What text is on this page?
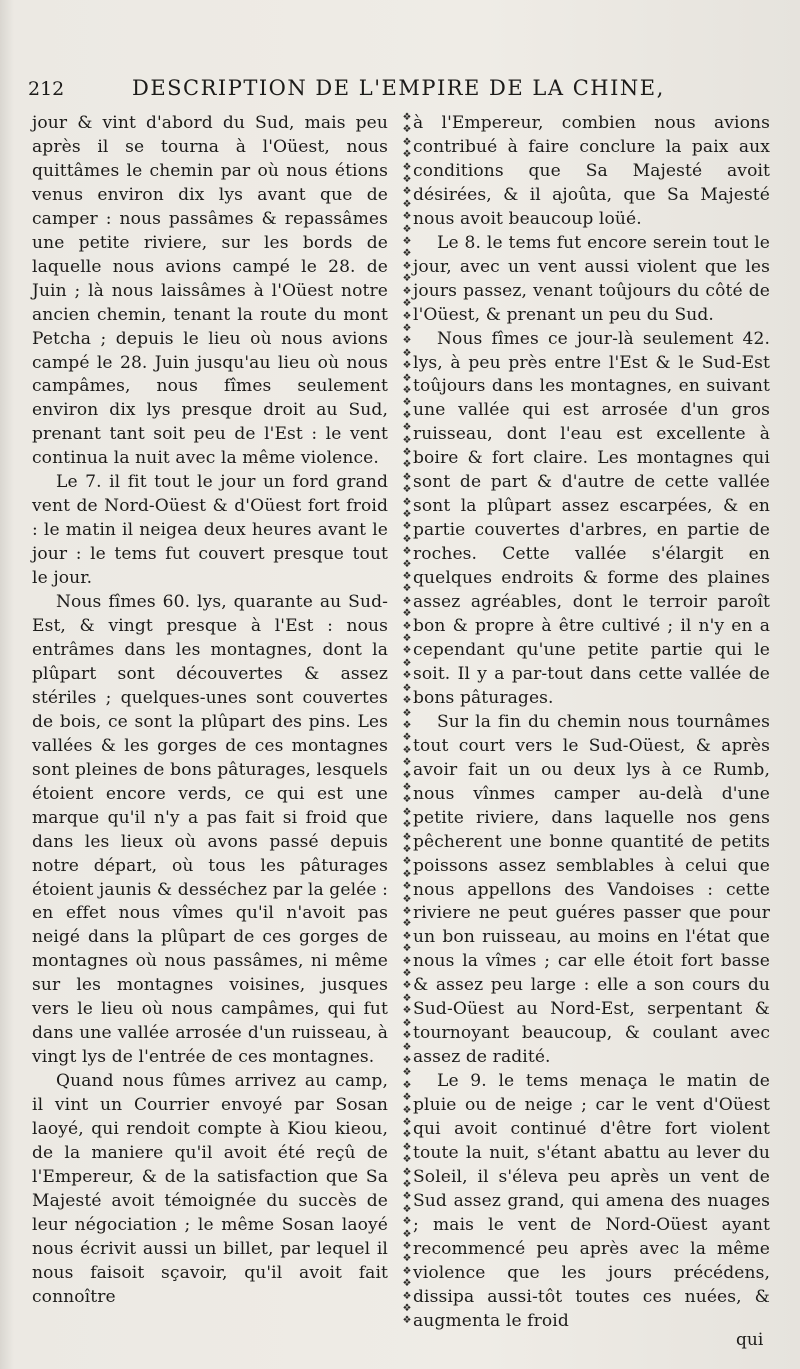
212	DESCRIPTION DE L'EMPIRE DE LA CHINE,

jour & vint d'abord du Sud, mais peu après il se tourna à l'Oüest, nous quittâmes le chemin par où nous étions venus environ dix lys avant que de camper : nous passâmes & repassâmes une petite riviere, sur les bords de laquelle nous avions campé le 28. de Juin ; là nous laissâmes à l'Oüest notre ancien chemin, tenant la route du mont Petcha ; depuis le lieu où nous avions campé le 28. Juin jusqu'au lieu où nous campâmes, nous fîmes seulement environ dix lys presque droit au Sud, prenant tant soit peu de l'Est : le vent continua la nuit avec la même violence.

Le 7. il fit tout le jour un ford grand vent de Nord-Oüest & d'Oüest fort froid : le matin il neigea deux heures avant le jour : le tems fut couvert presque tout le jour.

Nous fîmes 60. lys, quarante au Sud-Est, & vingt presque à l'Est : nous entrâmes dans les montagnes, dont la plûpart sont découvertes & assez stériles ; quelques-unes sont couvertes de bois, ce sont la plûpart des pins. Les vallées & les gorges de ces montagnes sont pleines de bons pâturages, lesquels étoient encore verds, ce qui est une marque qu'il n'y a pas fait si froid que dans les lieux où avons passé depuis notre départ, où tous les pâturages étoient jaunis & desséchez par la gelée : en effet nous vîmes qu'il n'avoit pas neigé dans la plûpart de ces gorges de montagnes où nous passâmes, ni même sur les montagnes voisines, jusques vers le lieu où nous campâmes, qui fut dans une vallée arrosée d'un ruisseau, à vingt lys de l'entrée de ces montagnes.

Quand nous fûmes arrivez au camp, il vint un Courrier envoyé par Sosan laoyé, qui rendoit compte à Kiou kieou, de la maniere qu'il avoit été reçû de l'Empereur, & de la satisfaction que Sa Majesté avoit témoignée du succès de leur négociation ; le même Sosan laoyé nous écrivit aussi un billet, par lequel il nous faisoit sçavoir, qu'il avoit fait connoître

❖
❖
❖
❖
❖
❖
❖
❖
❖
❖
❖
❖
❖
❖
❖
❖
❖
❖
❖
❖
❖
❖
❖
❖
❖
❖
❖
❖
❖
❖
❖
❖
❖
❖
❖
❖
❖
❖
❖
❖
❖
❖
❖
❖
❖
❖
❖
❖
❖
❖
❖
❖
❖
❖
❖
❖
❖
❖
❖
❖
❖
❖
❖
❖
❖
❖
❖
❖
❖
❖
❖
❖
❖
❖
❖
❖
❖
❖
❖
❖
❖
❖
❖
❖
❖
❖
❖
❖
❖
❖
❖
❖
❖
❖
❖
❖
❖
❖

à l'Empereur, combien nous avions contribué à faire conclure la paix aux conditions que Sa Majesté avoit désirées, & il ajoûta, que Sa Majesté nous avoit beaucoup loüé.

Le 8. le tems fut encore serein tout le jour, avec un vent aussi violent que les jours passez, venant toûjours du côté de l'Oüest, & prenant un peu du Sud.

Nous fîmes ce jour-là seulement 42. lys, à peu près entre l'Est & le Sud-Est toûjours dans les montagnes, en suivant une vallée qui est arrosée d'un gros ruisseau, dont l'eau est excellente à boire & fort claire. Les montagnes qui sont de part & d'autre de cette vallée sont la plûpart assez escarpées, & en partie couvertes d'arbres, en partie de roches. Cette vallée s'élargit en quelques endroits & forme des plaines assez agréables, dont le terroir paroît bon & propre à être cultivé ; il n'y en a cependant qu'une petite partie qui le soit. Il y a par-tout dans cette vallée de bons pâturages.

Sur la fin du chemin nous tournâmes tout court vers le Sud-Oüest, & après avoir fait un ou deux lys à ce Rumb, nous vînmes camper au-delà d'une petite riviere, dans laquelle nos gens pêcherent une bonne quantité de petits poissons assez semblables à celui que nous appellons des Vandoises : cette riviere ne peut guéres passer que pour un bon ruisseau, au moins en l'état que nous la vîmes ; car elle étoit fort basse & assez peu large : elle a son cours du Sud-Oüest au Nord-Est, serpentant & tournoyant beaucoup, & coulant avec assez de radité.

Le 9. le tems menaça le matin de pluie ou de neige ; car le vent d'Oüest qui avoit continué d'être fort violent toute la nuit, s'étant abattu au lever du Soleil, il s'éleva peu après un vent de Sud assez grand, qui amena des nuages ; mais le vent de Nord-Oüest ayant recommencé peu après avec la même violence que les jours précédens, dissipa aussi-tôt toutes ces nuées, & augmenta le froid

qui
